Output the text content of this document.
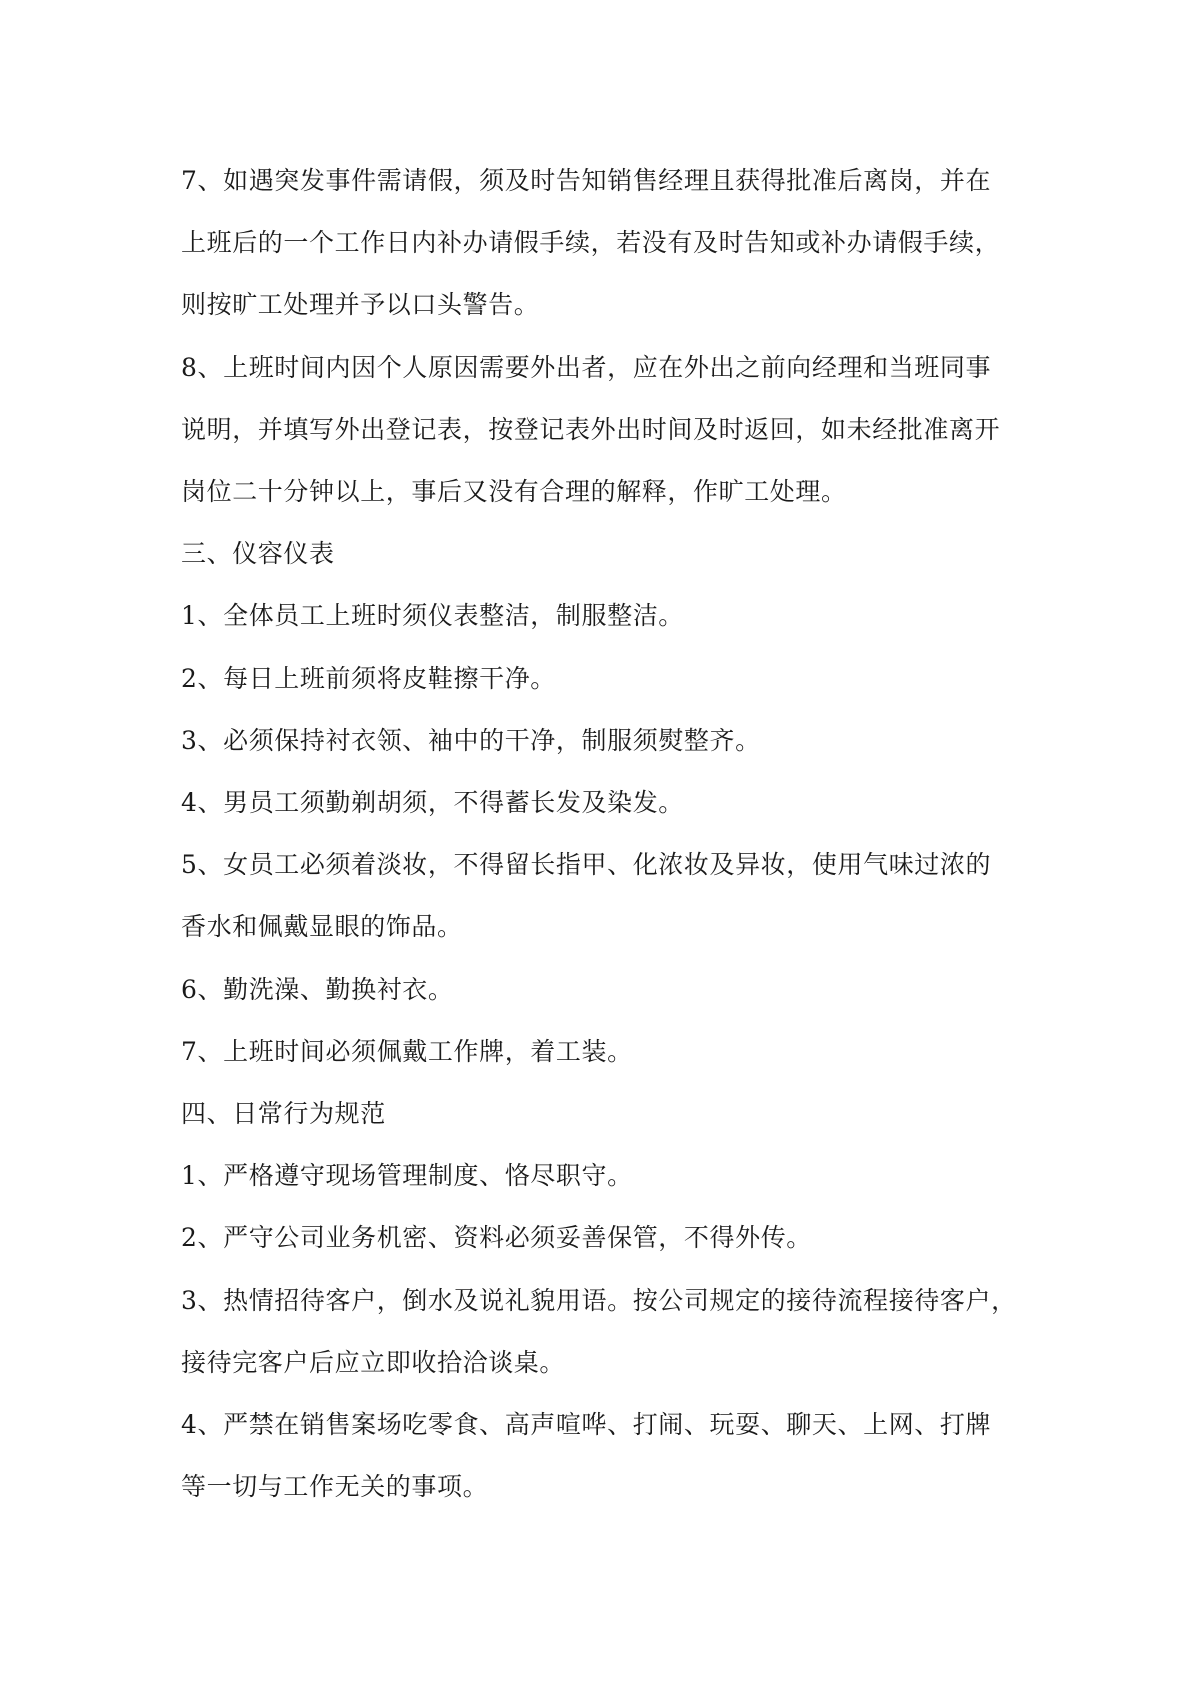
7、如遇突发事件需请假，须及时告知销售经理且获得批准后离岗，并在

上班后的一个工作日内补办请假手续，若没有及时告知或补办请假手续，

则按旷工处理并予以口头警告。

8、上班时间内因个人原因需要外出者，应在外出之前向经理和当班同事

说明，并填写外出登记表，按登记表外出时间及时返回，如未经批准离开

岗位二十分钟以上，事后又没有合理的解释，作旷工处理。

三、仪容仪表

1、全体员工上班时须仪表整洁，制服整洁。

2、每日上班前须将皮鞋擦干净。

3、必须保持衬衣领、袖中的干净，制服须熨整齐。

4、男员工须勤剃胡须，不得蓄长发及染发。

5、女员工必须着淡妆，不得留长指甲、化浓妆及异妆，使用气味过浓的

香水和佩戴显眼的饰品。

6、勤洗澡、勤换衬衣。

7、上班时间必须佩戴工作牌，着工装。

四、日常行为规范

1、严格遵守现场管理制度、恪尽职守。

2、严守公司业务机密、资料必须妥善保管，不得外传。

3、热情招待客户，倒水及说礼貌用语。按公司规定的接待流程接待客户，

接待完客户后应立即收拾洽谈桌。

4、严禁在销售案场吃零食、高声喧哗、打闹、玩耍、聊天、上网、打牌

等一切与工作无关的事项。
